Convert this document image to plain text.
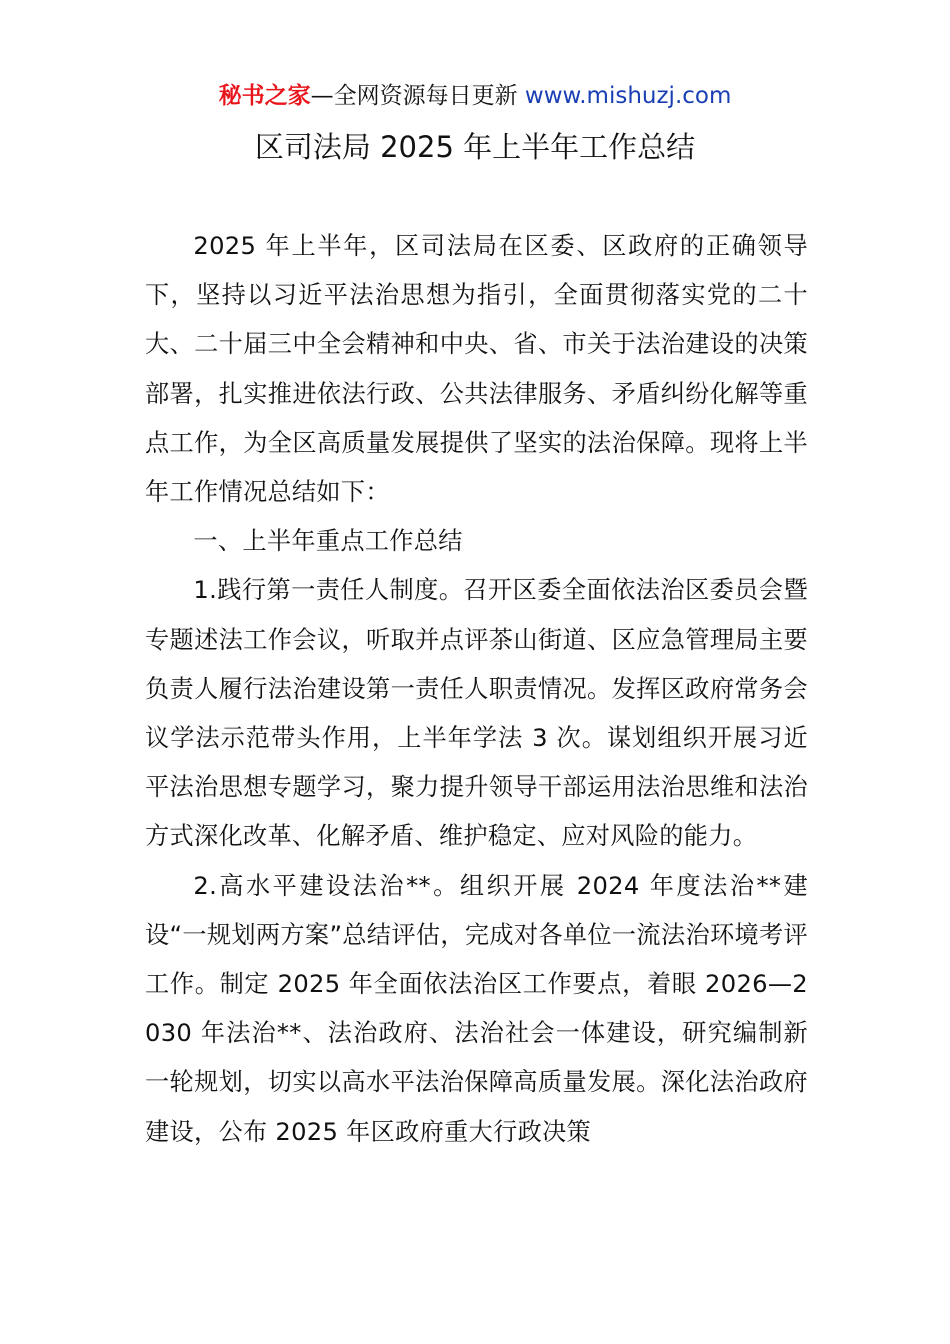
秘书之家—全网资源每日更新 www.mishuzj.com
区司法局 2025 年上半年工作总结

2025 年上半年，区司法局在区委、区政府的正确领导下，坚持以习近平法治思想为指引，全面贯彻落实党的二十大、二十届三中全会精神和中央、省、市关于法治建设的决策部署，扎实推进依法行政、公共法律服务、矛盾纠纷化解等重点工作，为全区高质量发展提供了坚实的法治保障。现将上半年工作情况总结如下：

一、上半年重点工作总结

1.践行第一责任人制度。召开区委全面依法治区委员会暨专题述法工作会议，听取并点评茶山街道、区应急管理局主要负责人履行法治建设第一责任人职责情况。发挥区政府常务会议学法示范带头作用，上半年学法 3 次。谋划组织开展习近平法治思想专题学习，聚力提升领导干部运用法治思维和法治方式深化改革、化解矛盾、维护稳定、应对风险的能力。

2.高水平建设法治**。组织开展 2024 年度法治**建设“一规划两方案”总结评估，完成对各单位一流法治环境考评工作。制定 2025 年全面依法治区工作要点，着眼 2026—2030 年法治**、法治政府、法治社会一体建设，研究编制新一轮规划，切实以高水平法治保障高质量发展。深化法治政府建设，公布 2025 年区政府重大行政决策
